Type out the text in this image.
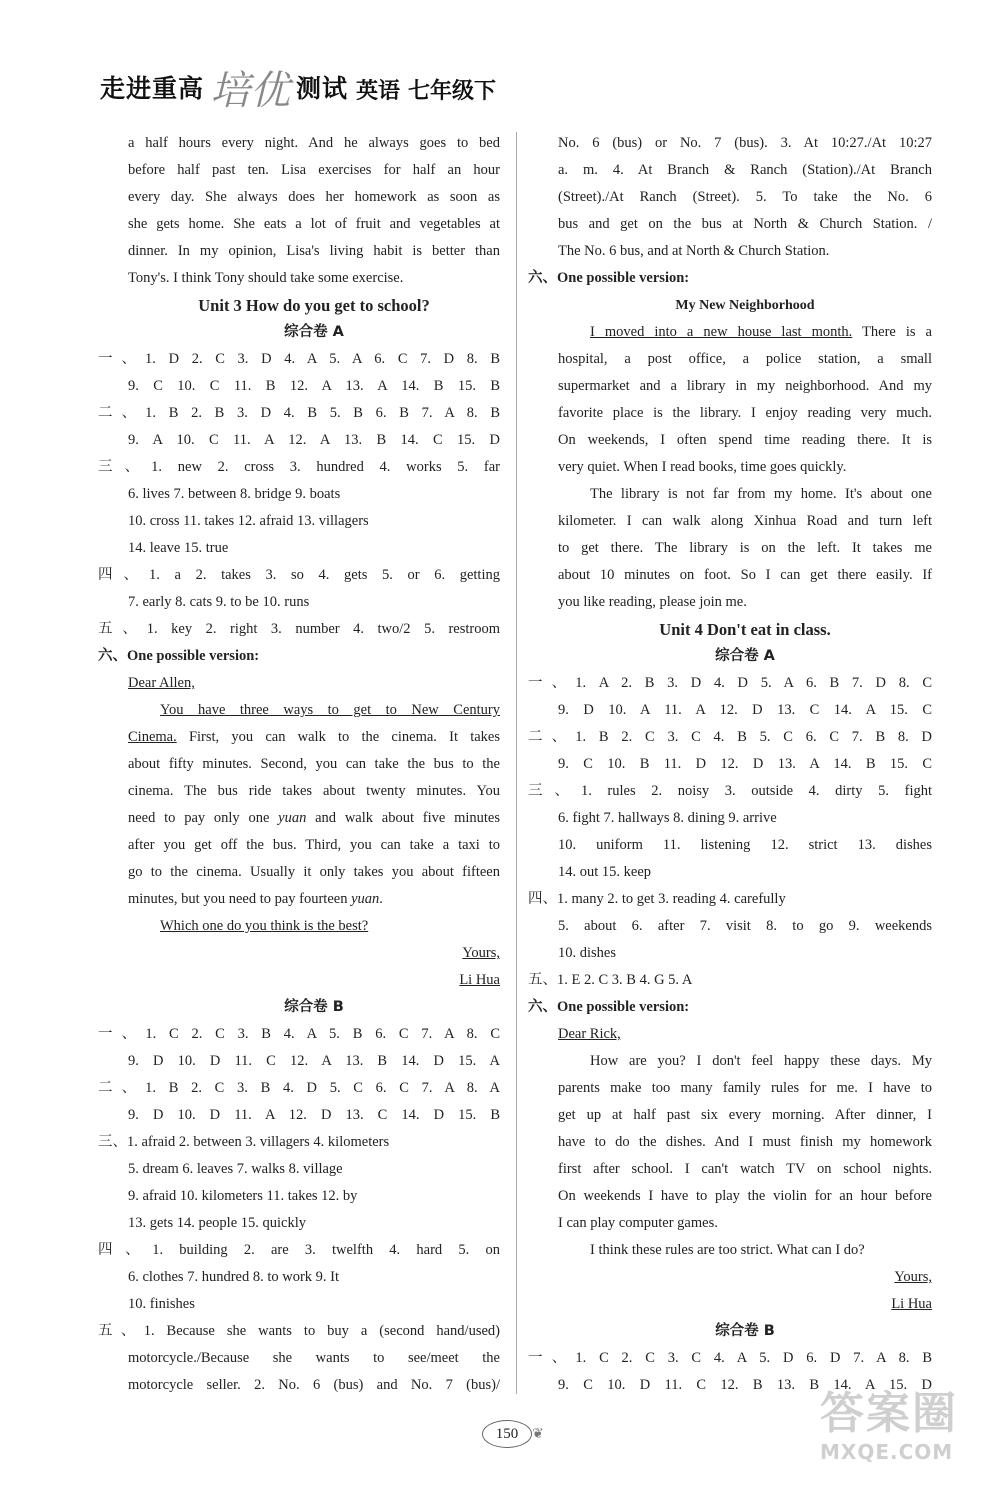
走进重高 培优 测试 英语 七年级下
a half hours every night. And he always goes to bed
before half past ten. Lisa exercises for half an hour
every day. She always does her homework as soon as
she gets home. She eats a lot of fruit and vegetables at
dinner. In my opinion, Lisa's living habit is better than
Tony's. I think Tony should take some exercise.
Unit 3 How do you get to school?
综合卷 A
一、1. D 2. C 3. D 4. A 5. A 6. C 7. D 8. B
9. C 10. C 11. B 12. A 13. A 14. B 15. B
二、1. B 2. B 3. D 4. B 5. B 6. B 7. A 8. B
9. A 10. C 11. A 12. A 13. B 14. C 15. D
三、1. new 2. cross 3. hundred 4. works 5. far
6. lives 7. between 8. bridge 9. boats
10. cross 11. takes 12. afraid 13. villagers
14. leave 15. true
四、1. a 2. takes 3. so 4. gets 5. or 6. getting
7. early 8. cats 9. to be 10. runs
五、1. key 2. right 3. number 4. two/2 5. restroom
六、One possible version:
Dear Allen,
You have three ways to get to New Century
Cinema. First, you can walk to the cinema. It takes
about fifty minutes. Second, you can take the bus to the
cinema. The bus ride takes about twenty minutes. You
need to pay only one yuan and walk about five minutes
after you get off the bus. Third, you can take a taxi to
go to the cinema. Usually it only takes you about fifteen
minutes, but you need to pay fourteen yuan.
Which one do you think is the best?
Yours,
Li Hua
综合卷 B
一、1. C 2. C 3. B 4. A 5. B 6. C 7. A 8. C
9. D 10. D 11. C 12. A 13. B 14. D 15. A
二、1. B 2. C 3. B 4. D 5. C 6. C 7. A 8. A
9. D 10. D 11. A 12. D 13. C 14. D 15. B
三、1. afraid 2. between 3. villagers 4. kilometers
5. dream 6. leaves 7. walks 8. village
9. afraid 10. kilometers 11. takes 12. by
13. gets 14. people 15. quickly
四、1. building 2. are 3. twelfth 4. hard 5. on
6. clothes 7. hundred 8. to work 9. It
10. finishes
五、1. Because she wants to buy a (second hand/used)
motorcycle./Because she wants to see/meet the
motorcycle seller. 2. No. 6 (bus) and No. 7 (bus)/
No. 6 (bus) or No. 7 (bus). 3. At 10:27./At 10:27
a. m. 4. At Branch & Ranch (Station)./At Branch
(Street)./At Ranch (Street). 5. To take the No. 6
bus and get on the bus at North & Church Station. /
The No. 6 bus, and at North & Church Station.
六、One possible version:
My New Neighborhood
I moved into a new house last month. There is a
hospital, a post office, a police station, a small
supermarket and a library in my neighborhood. And my
favorite place is the library. I enjoy reading very much.
On weekends, I often spend time reading there. It is
very quiet. When I read books, time goes quickly.
The library is not far from my home. It's about one
kilometer. I can walk along Xinhua Road and turn left
to get there. The library is on the left. It takes me
about 10 minutes on foot. So I can get there easily. If
you like reading, please join me.
Unit 4 Don't eat in class.
综合卷 A
一、1. A 2. B 3. D 4. D 5. A 6. B 7. D 8. C
9. D 10. A 11. A 12. D 13. C 14. A 15. C
二、1. B 2. C 3. C 4. B 5. C 6. C 7. B 8. D
9. C 10. B 11. D 12. D 13. A 14. B 15. C
三、1. rules 2. noisy 3. outside 4. dirty 5. fight
6. fight 7. hallways 8. dining 9. arrive
10. uniform 11. listening 12. strict 13. dishes
14. out 15. keep
四、1. many 2. to get 3. reading 4. carefully
5. about 6. after 7. visit 8. to go 9. weekends
10. dishes
五、1. E 2. C 3. B 4. G 5. A
六、One possible version:
Dear Rick,
How are you? I don't feel happy these days. My
parents make too many family rules for me. I have to
get up at half past six every morning. After dinner, I
have to do the dishes. And I must finish my homework
first after school. I can't watch TV on school nights.
On weekends I have to play the violin for an hour before
I can play computer games.
I think these rules are too strict. What can I do?
Yours,
Li Hua
综合卷 B
一、1. C 2. C 3. C 4. A 5. D 6. D 7. A 8. B
9. C 10. D 11. C 12. B 13. B 14. A 15. D
150 ❦	答案圈
MXQE.COM
